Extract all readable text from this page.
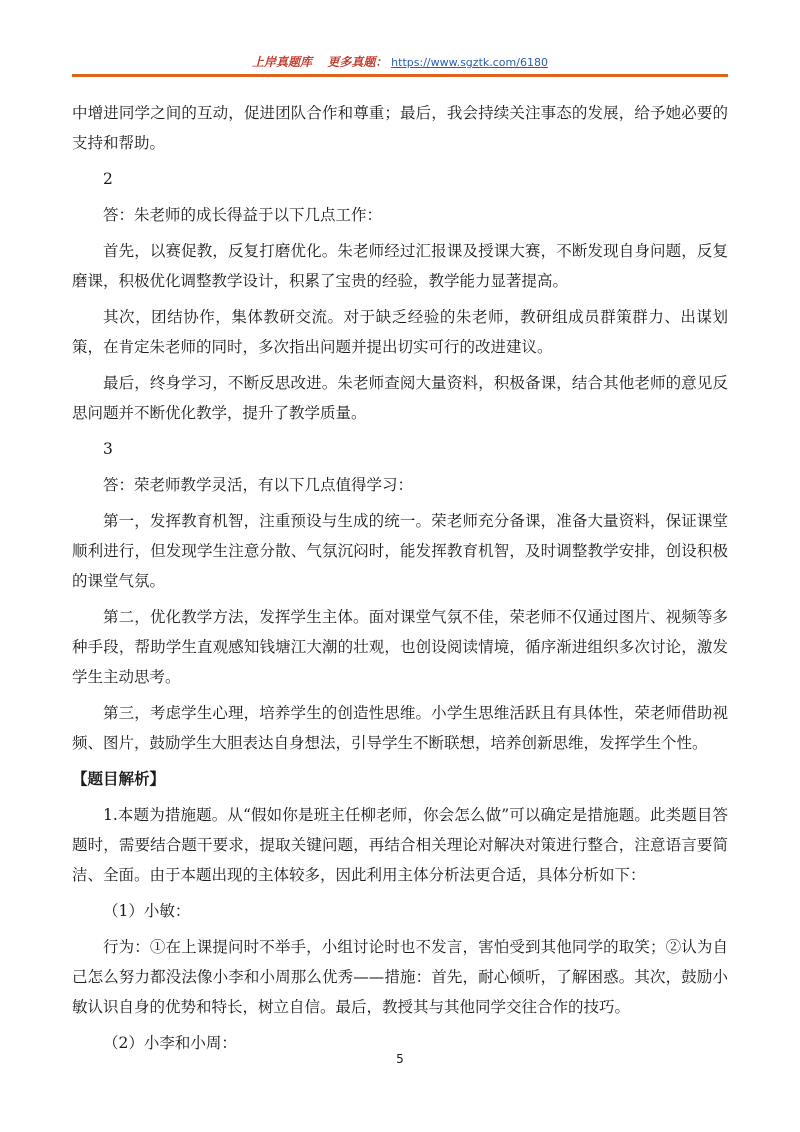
上岸真题库 更多真题： https://www.sgztk.com/6180

中增进同学之间的互动，促进团队合作和尊重；最后，我会持续关注事态的发展，给予她必要的支持和帮助。

2

答：朱老师的成长得益于以下几点工作：

首先，以赛促教，反复打磨优化。朱老师经过汇报课及授课大赛，不断发现自身问题，反复磨课，积极优化调整教学设计，积累了宝贵的经验，教学能力显著提高。

其次，团结协作，集体教研交流。对于缺乏经验的朱老师，教研组成员群策群力、出谋划策，在肯定朱老师的同时，多次指出问题并提出切实可行的改进建议。

最后，终身学习，不断反思改进。朱老师查阅大量资料，积极备课，结合其他老师的意见反思问题并不断优化教学，提升了教学质量。

3

答：荣老师教学灵活，有以下几点值得学习：

第一，发挥教育机智，注重预设与生成的统一。荣老师充分备课，准备大量资料，保证课堂顺利进行，但发现学生注意分散、气氛沉闷时，能发挥教育机智，及时调整教学安排，创设积极的课堂气氛。

第二，优化教学方法，发挥学生主体。面对课堂气氛不佳，荣老师不仅通过图片、视频等多种手段，帮助学生直观感知钱塘江大潮的壮观，也创设阅读情境，循序渐进组织多次讨论，激发学生主动思考。

第三，考虑学生心理，培养学生的创造性思维。小学生思维活跃且有具体性，荣老师借助视频、图片，鼓励学生大胆表达自身想法，引导学生不断联想，培养创新思维，发挥学生个性。

【题目解析】

1.本题为措施题。从“假如你是班主任柳老师，你会怎么做”可以确定是措施题。此类题目答题时，需要结合题干要求，提取关键问题，再结合相关理论对解决对策进行整合，注意语言要简洁、全面。由于本题出现的主体较多，因此利用主体分析法更合适，具体分析如下：

（1）小敏：

行为：①在上课提问时不举手，小组讨论时也不发言，害怕受到其他同学的取笑；②认为自己怎么努力都没法像小李和小周那么优秀——措施：首先，耐心倾听，了解困惑。其次，鼓励小敏认识自身的优势和特长，树立自信。最后，教授其与其他同学交往合作的技巧。

（2）小李和小周：

5
